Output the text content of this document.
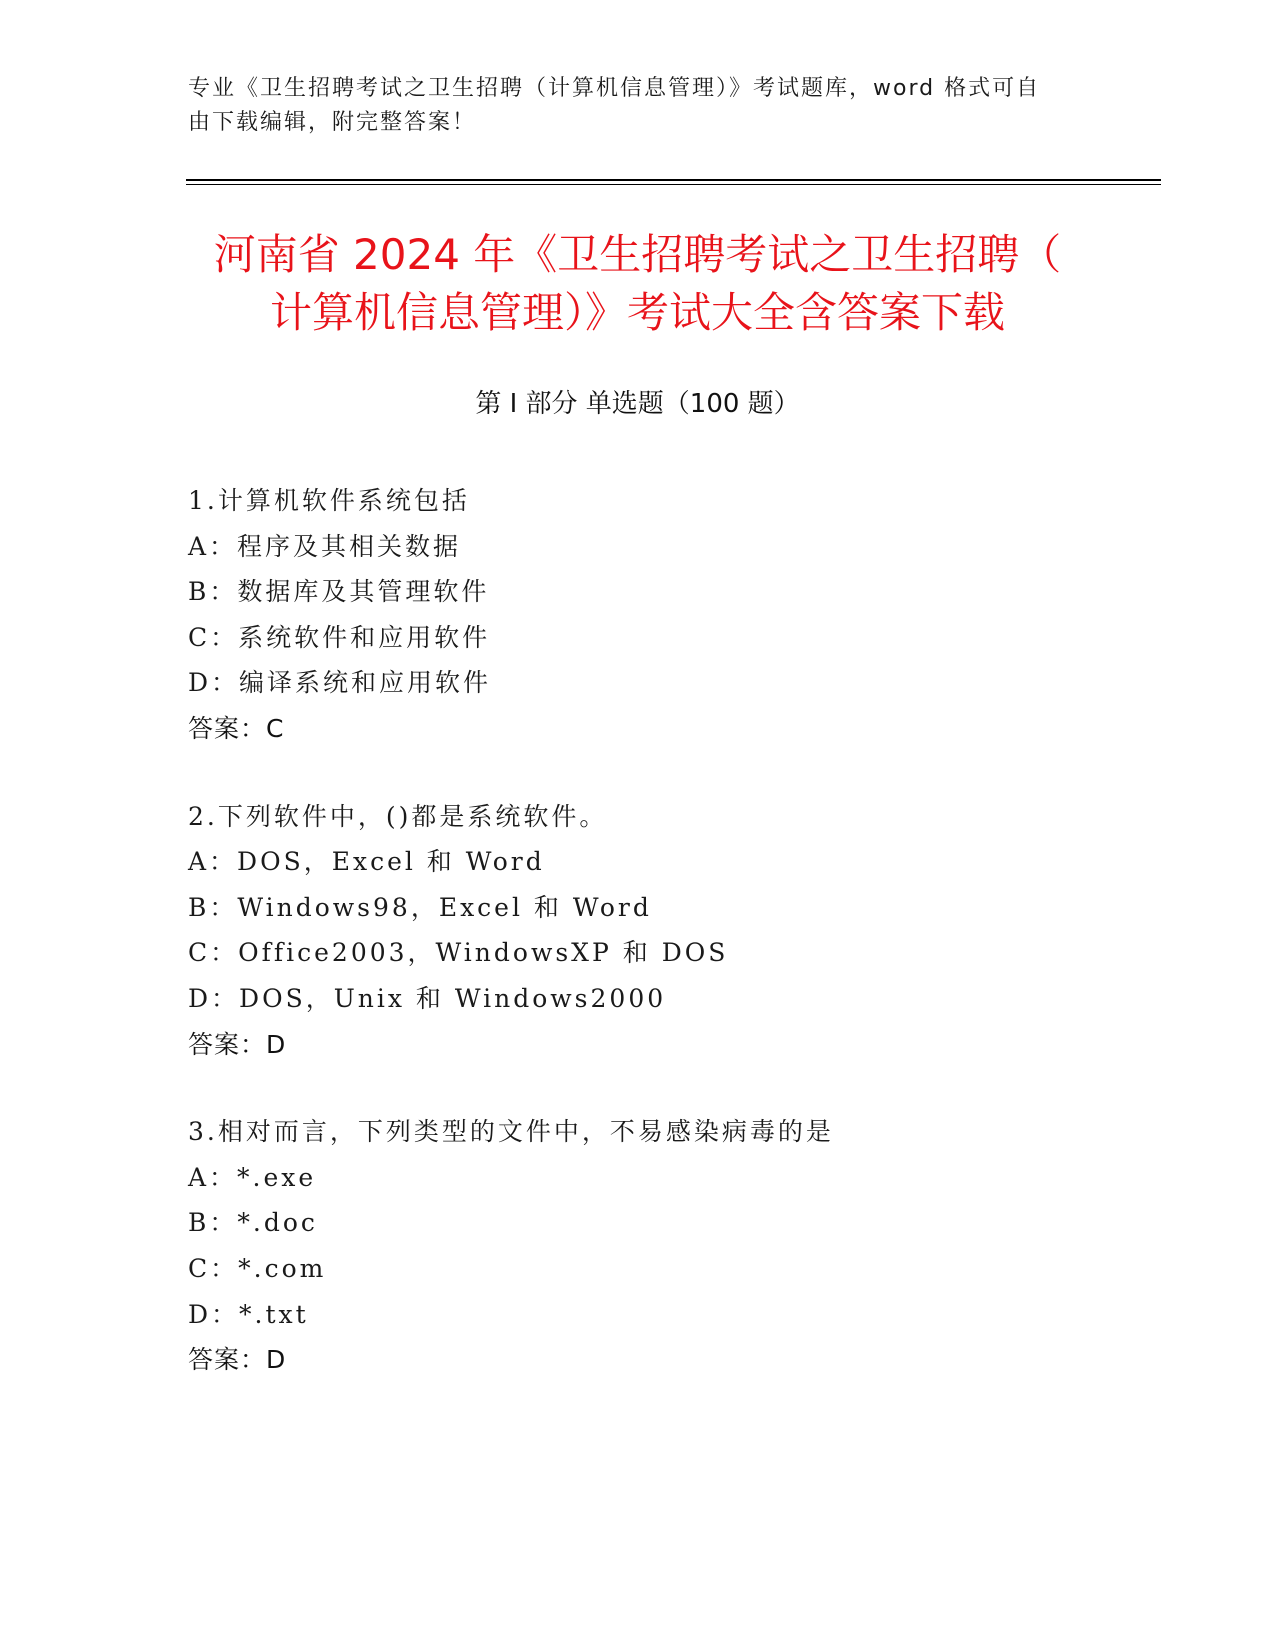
专业《卫生招聘考试之卫生招聘（计算机信息管理）》考试题库，word 格式可自
由下载编辑，附完整答案！
河南省 2024 年《卫生招聘考试之卫生招聘（
计算机信息管理）》考试大全含答案下载
第 I 部分 单选题（100 题）
1.计算机软件系统包括
A：程序及其相关数据
B：数据库及其管理软件
C：系统软件和应用软件
D：编译系统和应用软件
答案：C
2.下列软件中，()都是系统软件。
A：DOS，Excel 和 Word
B：Windows98，Excel 和 Word
C：Office2003，WindowsXP 和 DOS
D：DOS，Unix 和 Windows2000
答案：D
3.相对而言，下列类型的文件中，不易感染病毒的是
A：*.exe
B：*.doc
C：*.com
D：*.txt
答案：D
